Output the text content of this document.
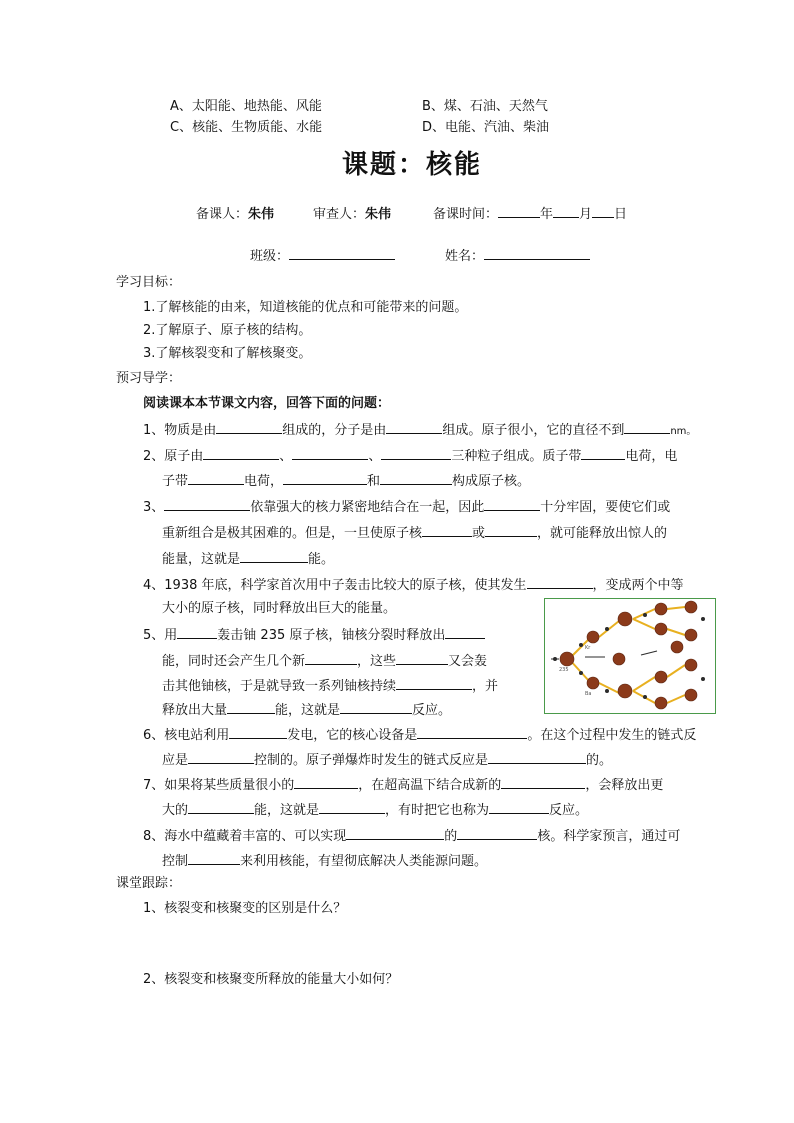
A、太阳能、地热能、风能	B、煤、石油、天然气
C、核能、生物质能、水能	D、电能、汽油、柴油
课题：核能
备课人：朱伟	审查人：朱伟	备课时间：	年 月 日
班级：	姓名：
学习目标：
1.了解核能的由来，知道核能的优点和可能带来的问题。
2.了解原子、原子核的结构。
3.了解核裂变和了解核聚变。
预习导学：
阅读课本本节课文内容，回答下面的问题：
1、物质是由	组成的，分子是由	组成。原子很小，它的直径不到	nm。
2、原子由	、	、	三种粒子组成。质子带	电荷，电
子带	电荷，	和	构成原子核。
3、	依靠强大的核力紧密地结合在一起，因此	十分牢固，要使它们或
重新组合是极其困难的。但是，一旦使原子核	或	，就可能释放出惊人的
能量，这就是	能。
4、1938 年底，科学家首次用中子轰击比较大的原子核，使其发生	，变成两个中等
大小的原子核，同时释放出巨大的能量。
5、用	轰击铀 235 原子核，铀核分裂时释放出
能，同时还会产生几个新	，这些	又会轰
击其他铀核，于是就导致一系列铀核持续	，并
释放出大量	能，这就是	反应。
235
Kr
Ba
6、核电站利用	发电，它的核心设备是	。在这个过程中发生的链式反
应是	控制的。原子弹爆炸时发生的链式反应是	的。
7、如果将某些质量很小的	，在超高温下结合成新的	，会释放出更
大的	能，这就是	，有时把它也称为	反应。
8、海水中蕴藏着丰富的、可以实现	的	核。科学家预言，通过可
控制	来利用核能，有望彻底解决人类能源问题。
课堂跟踪：
1、核裂变和核聚变的区别是什么？
2、核裂变和核聚变所释放的能量大小如何？
